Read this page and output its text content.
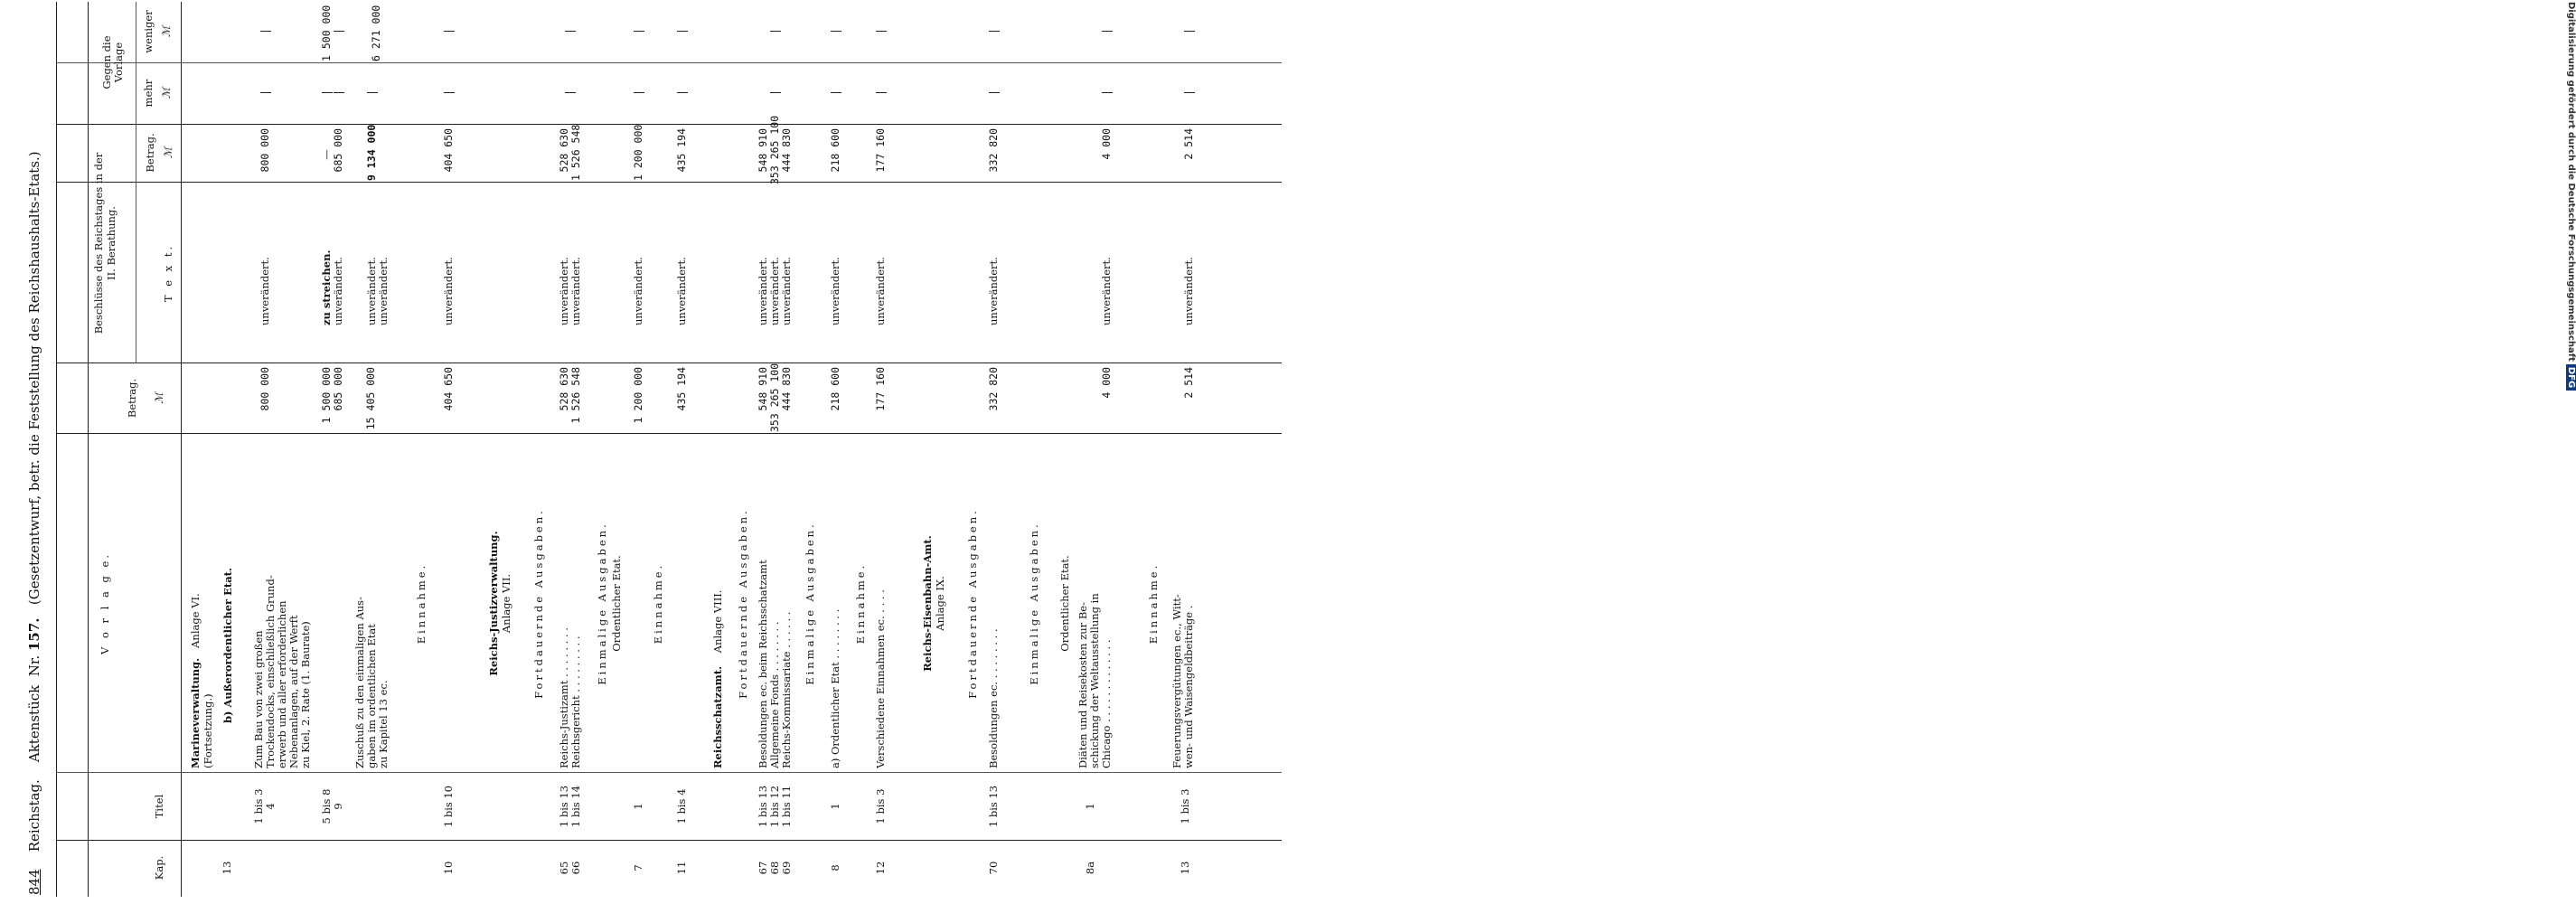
844    Reichstag.    Aktenstück  Nr. 157.   (Gesetzentwurf, betr. die Feststellung des Reichshaushalts-Etats.)
Kap.
Titel
V o r l a g e.
Betrag. ℳ
Beschlüsse des Reichstages in der II. Berathung.	T e x t.
Betrag. ℳ
Gegen die Vorlage
mehr
weniger
ℳ
ℳ
Marineverwaltung.   Anlage VI.
(Fortsetzung.)
b) Außerordentlicher Etat.
13
1 bis 3 4
Zum Bau von zwei großen Trockendocks, einschließlich Grund- erwerb und aller erforderlichen Nebenanlagen, auf der Werft zu Kiel, 2. Rate (1. Baurate)
800 000
unverändert.
800 000
5 bis 8 9
1 500 000 685 000
zu streichen. unverändert.
— 685 000
1 500 000
Zuschuß zu den einmaligen Aus- gaben im ordentlichen Etat zu Kapitel 13 ec.
15 405 000
unverändert. unverändert.
9 134 000
6 271 000
Einnahme.
10
1 bis 10
404 650
unverändert.
404 650
Reichs-Justizverwaltung. Anlage VII. Fortdauernde Ausgaben.
65 66
1 bis 13 1 bis 14
Reichs-Justizamt . . . . . . . .
Reichsgericht . . . . . . . . .
528 630 1 526 548
unverändert. unverändert.
528 630 1 526 548
Einmalige Ausgaben. Ordentlicher Etat.
7
1
1 200 000
unverändert.
1 200 000
Einnahme.
11
1 bis 4
435 194
unverändert.
435 194
Reichsschatzamt.    Anlage VIII. Fortdauernde Ausgaben.
67 68 69
1 bis 13 1 bis 12 1 bis 11
Besoldungen ec. beim Reichsschatzamt Allgemeine Fonds . . . . . . . .
Reichs-Kommissariate . . . . . .
548 910 353 265 100 444 830
unverändert. unverändert. unverändert.
548 910 353 265 100 444 830
Einmalige Ausgaben.
a) Ordentlicher Etat . . . . . . . .
8
1
218 600
unverändert.
218 600
Einnahme.
12
1 bis 3
Verschiedene Einnahmen ec. . . . .
177 160
unverändert.
177 160
Reichs-Eisenbahn-Amt. Anlage IX. Fortdauernde Ausgaben.
70
1 bis 13
Besoldungen ec. . . . . . . . .
332 820
unverändert.
332 820
Einmalige Ausgaben. Ordentlicher Etat.
8a
1
Diäten und Reisekosten zur Be- schickung der Weltausstellung in Chicago . . . . . . . . . . . . .
4 000
unverändert.
4 000
Einnahme.
13
1 bis 3
Feuerungsvergütungen ec., Witt- wen- und Waisengeldbeiträge .
2 514
unverändert.
2 514	Digitalisierung gefördert durch die Deutsche ForschungsgemeinschaftDFG
